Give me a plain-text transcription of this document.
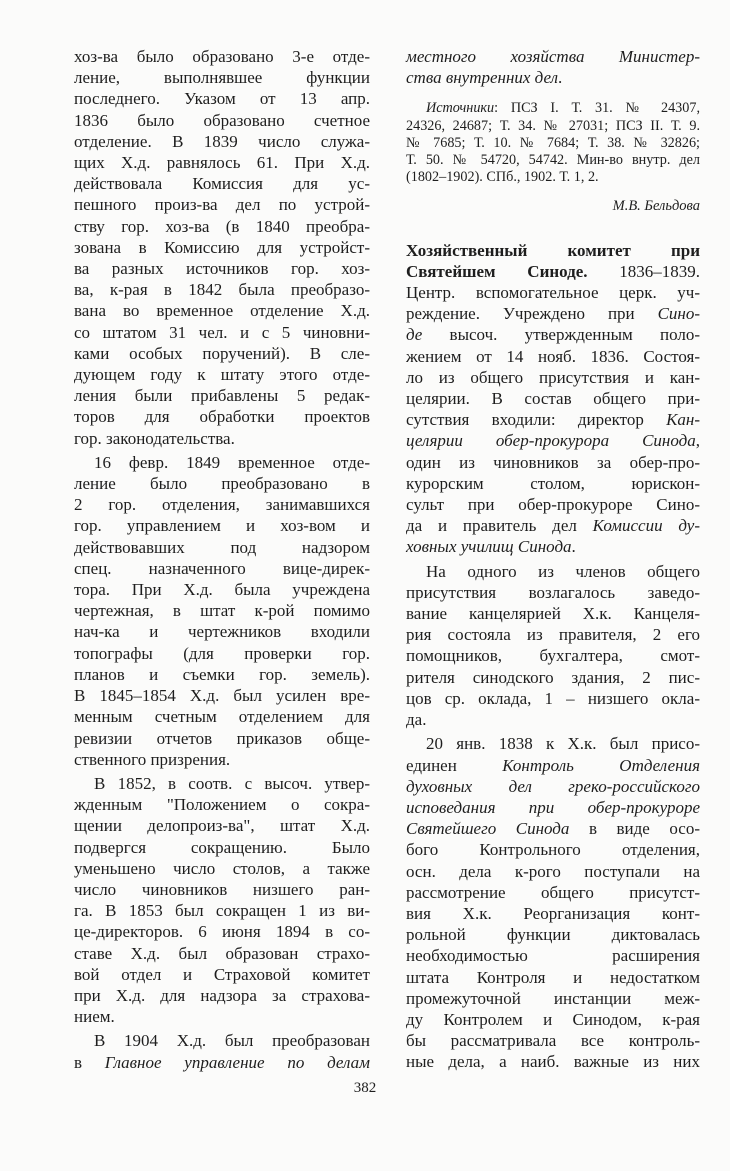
хоз-ва было образовано 3-е отде-
ление, выполнявшее функции
последнего. Указом от 13 апр.
1836 было образовано счетное
отделение. В 1839 число служа-
щих Х.д. равнялось 61. При Х.д.
действовала Комиссия для ус-
пешного произ-ва дел по устрой-
ству гор. хоз-ва (в 1840 преобра-
зована в Комиссию для устройст-
ва разных источников гор. хоз-
ва, к-рая в 1842 была преобразо-
вана во временное отделение Х.д.
со штатом 31 чел. и с 5 чиновни-
ками особых поручений). В сле-
дующем году к штату этого отде-
ления были прибавлены 5 редак-
торов для обработки проектов
гор. законодательства.
16 февр. 1849 временное отде-
ление было преобразовано в
2 гор. отделения, занимавшихся
гор. управлением и хоз-вом и
действовавших под надзором
спец. назначенного вице-дирек-
тора. При Х.д. была учреждена
чертежная, в штат к-рой помимо
нач-ка и чертежников входили
топографы (для проверки гор.
планов и съемки гор. земель).
В 1845–1854 Х.д. был усилен вре-
менным счетным отделением для
ревизии отчетов приказов обще-
ственного призрения.
В 1852, в соотв. с высоч. утвер-
жденным "Положением о сокра-
щении делопроиз-ва", штат Х.д.
подвергся сокращению. Было
уменьшено число столов, а также
число чиновников низшего ран-
га. В 1853 был сокращен 1 из ви-
це-директоров. 6 июня 1894 в со-
ставе Х.д. был образован страхо-
вой отдел и Страховой комитет
при Х.д. для надзора за страхова-
нием.
В 1904 Х.д. был преобразован
в Главное управление по делам
местного хозяйства Министер-
ства внутренних дел.
Источники: ПСЗ I. Т. 31. № 24307,
24326, 24687; Т. 34. № 27031; ПСЗ II. Т. 9.
№ 7685; Т. 10. № 7684; Т. 38. № 32826;
Т. 50. № 54720, 54742. Мин-во внутр. дел
(1802–1902). СПб., 1902. Т. 1, 2.
М.В. Бельдова
Хозяйственный комитет при
Святейшем Синоде. 1836–1839.
Центр. вспомогательное церк. уч-
реждение. Учреждено при Сино-
де высоч. утвержденным поло-
жением от 14 нояб. 1836. Состоя-
ло из общего присутствия и кан-
целярии. В состав общего при-
сутствия входили: директор Кан-
целярии обер-прокурора Синода,
один из чиновников за обер-про-
курорским столом, юрискон-
сульт при обер-прокуроре Сино-
да и правитель дел Комиссии ду-
ховных училищ Синода.
На одного из членов общего
присутствия возлагалось заведо-
вание канцелярией Х.к. Канцеля-
рия состояла из правителя, 2 его
помощников, бухгалтера, смот-
рителя синодского здания, 2 пис-
цов ср. оклада, 1 – низшего окла-
да.
20 янв. 1838 к Х.к. был присо-
единен Контроль Отделения
духовных дел греко-российского
исповедания при обер-прокуроре
Святейшего Синода в виде осо-
бого Контрольного отделения,
осн. дела к-рого поступали на
рассмотрение общего присутст-
вия Х.к. Реорганизация конт-
рольной функции диктовалась
необходимостью расширения
штата Контроля и недостатком
промежуточной инстанции меж-
ду Контролем и Синодом, к-рая
бы рассматривала все контроль-
ные дела, а наиб. важные из них
382
